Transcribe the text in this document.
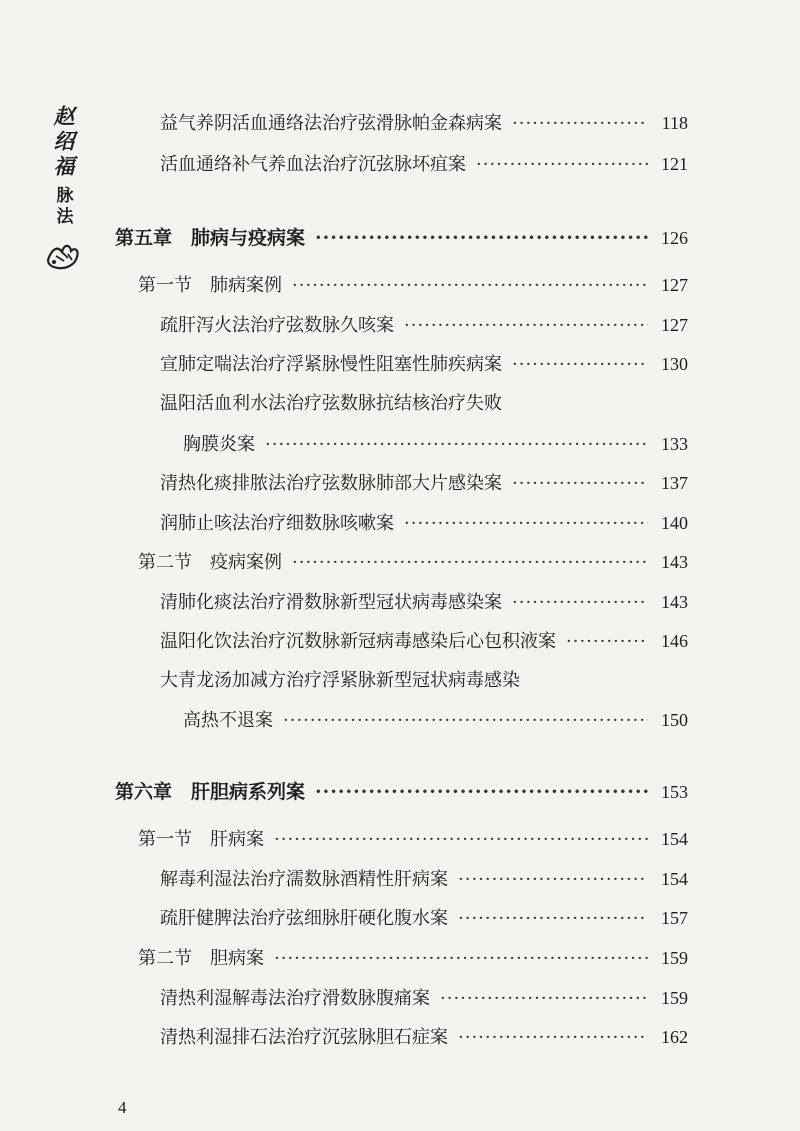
赵绍福
脉法
益气养阴活血通络法治疗弦滑脉帕金森病案 ·····	118
活血通络补气养血法治疗沉弦脉坏疽案 ·····	121
第五章　肺病与疫病案 ·····	126
第一节　肺病案例 ·····	127
疏肝泻火法治疗弦数脉久咳案 ·····	127
宣肺定喘法治疗浮紧脉慢性阻塞性肺疾病案 ·····	130
温阳活血利水法治疗弦数脉抗结核治疗失败
胸膜炎案 ·····	133
清热化痰排脓法治疗弦数脉肺部大片感染案 ·····	137
润肺止咳法治疗细数脉咳嗽案 ·····	140
第二节　疫病案例 ·····	143
清肺化痰法治疗滑数脉新型冠状病毒感染案 ·····	143
温阳化饮法治疗沉数脉新冠病毒感染后心包积液案 ·····	146
大青龙汤加减方治疗浮紧脉新型冠状病毒感染
高热不退案 ·····	150
第六章　肝胆病系列案 ·····	153
第一节　肝病案 ·····	154
解毒利湿法治疗濡数脉酒精性肝病案 ·····	154
疏肝健脾法治疗弦细脉肝硬化腹水案 ·····	157
第二节　胆病案 ·····	159
清热利湿解毒法治疗滑数脉腹痛案 ·····	159
清热利湿排石法治疗沉弦脉胆石症案 ·····	162
4
